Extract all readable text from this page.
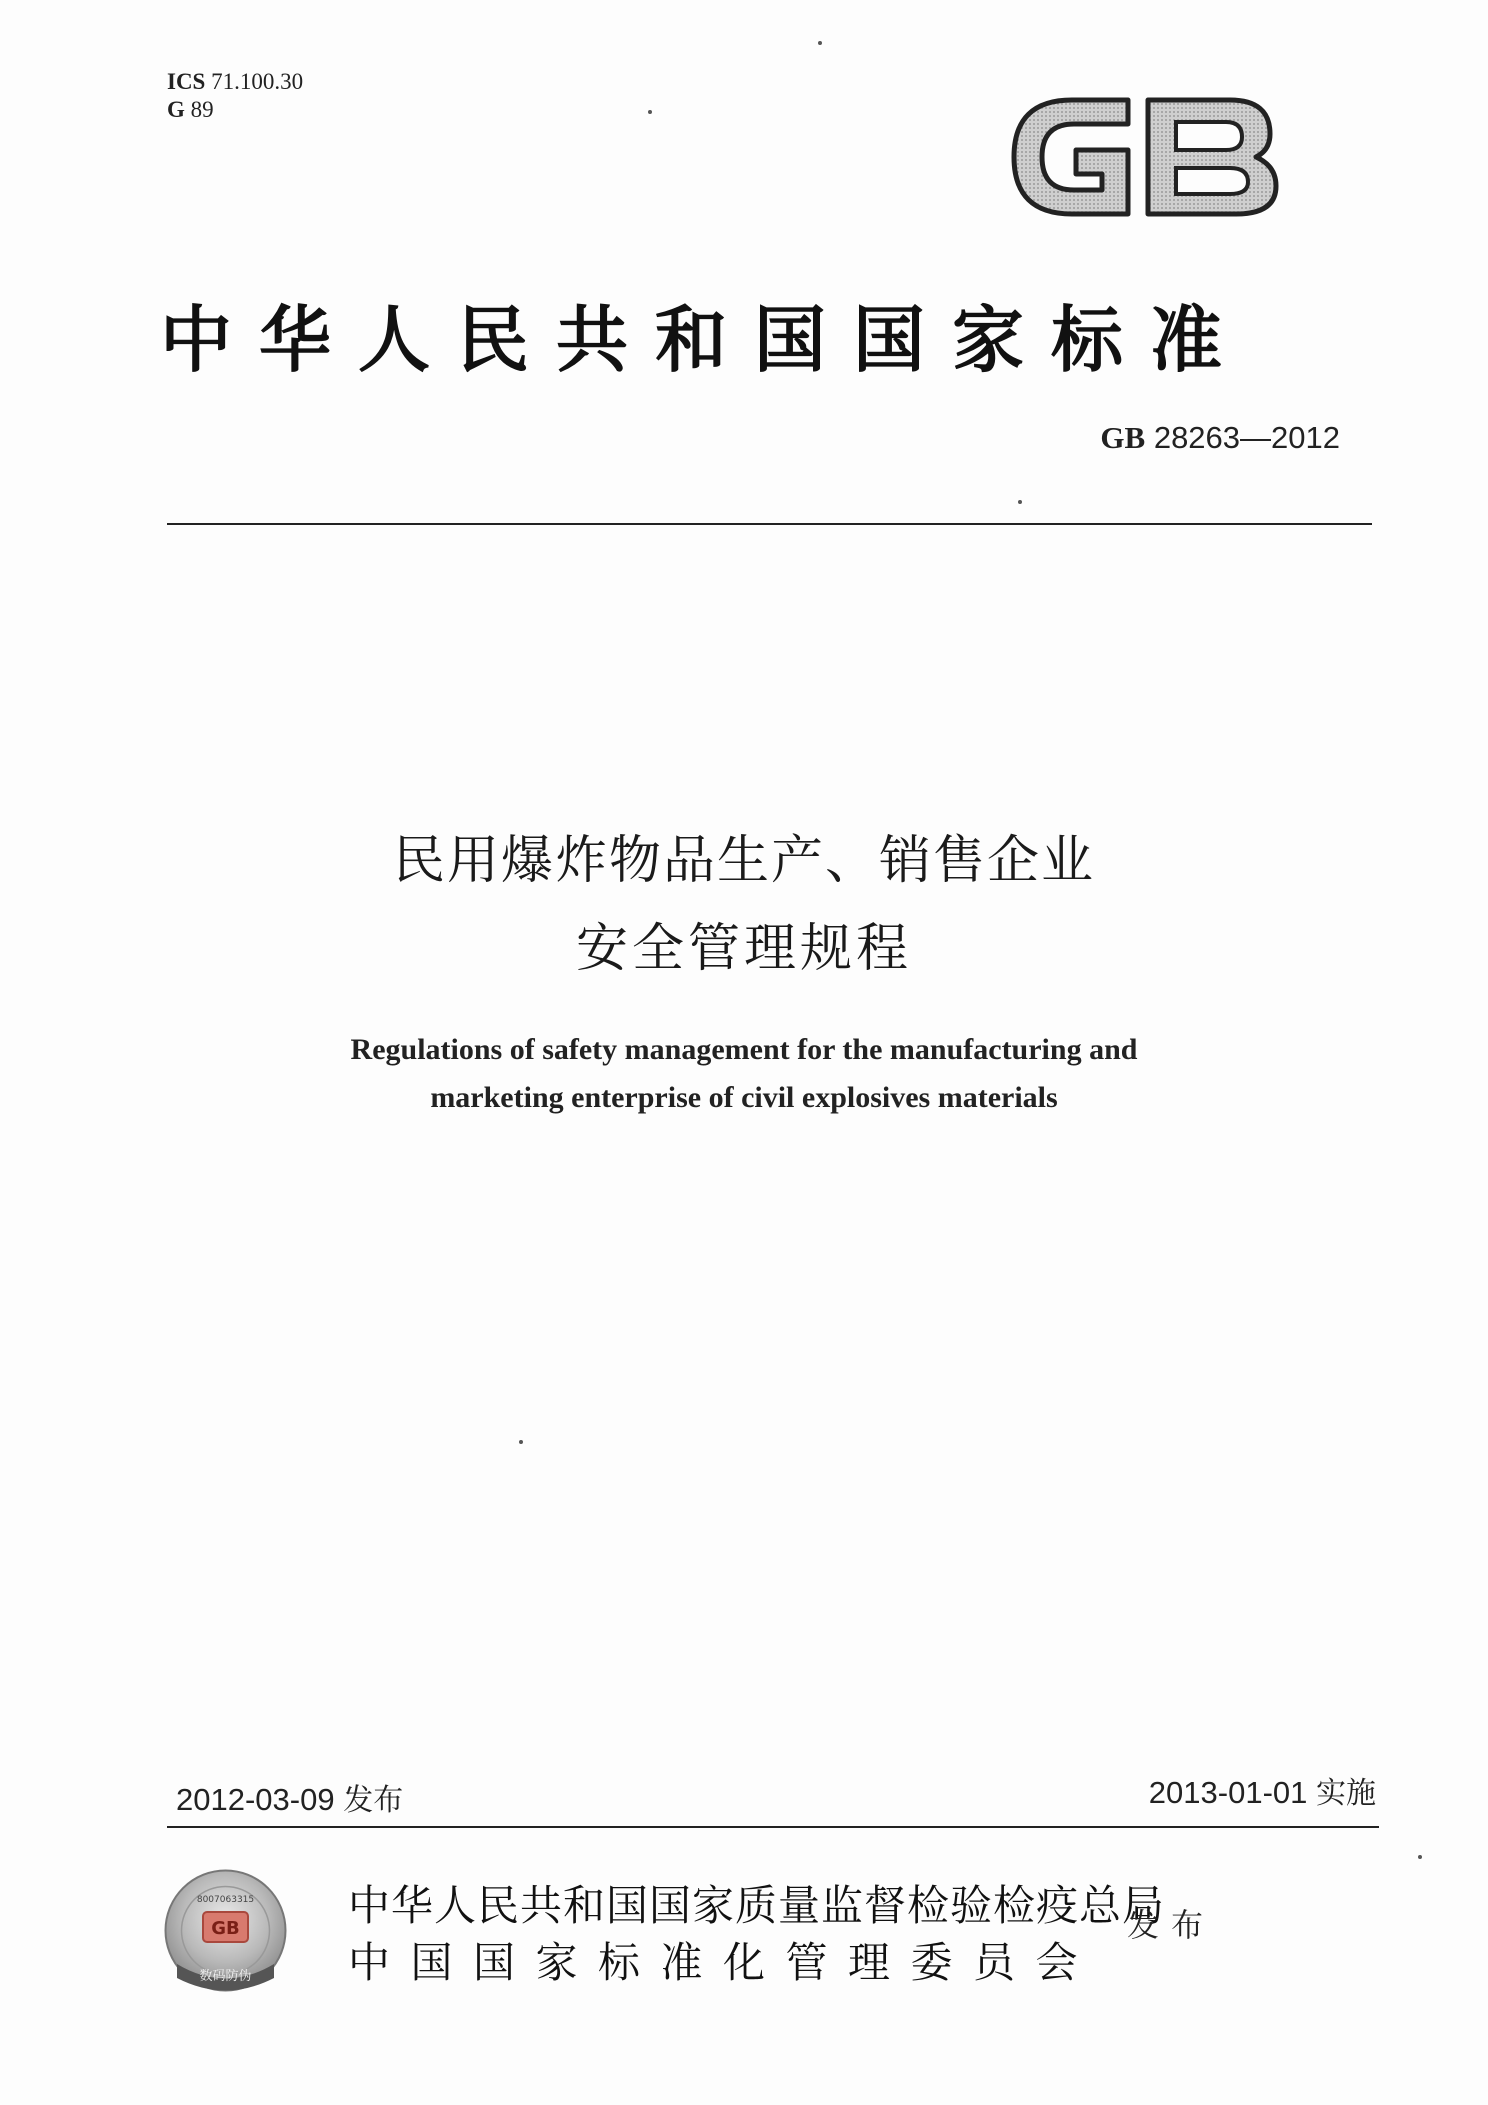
ICS 71.100.30
G 89
中华人民共和国国家标准
GB 28263—2012
民用爆炸物品生产、销售企业
安全管理规程
Regulations of safety management for the manufacturing and
marketing enterprise of civil explosives materials
2012-03-09 发布	2013-01-01 实施
数码防伪
8007063315
GB	中华人民共和国国家质量监督检验检疫总局
中国国家标准化管理委员会
发布
